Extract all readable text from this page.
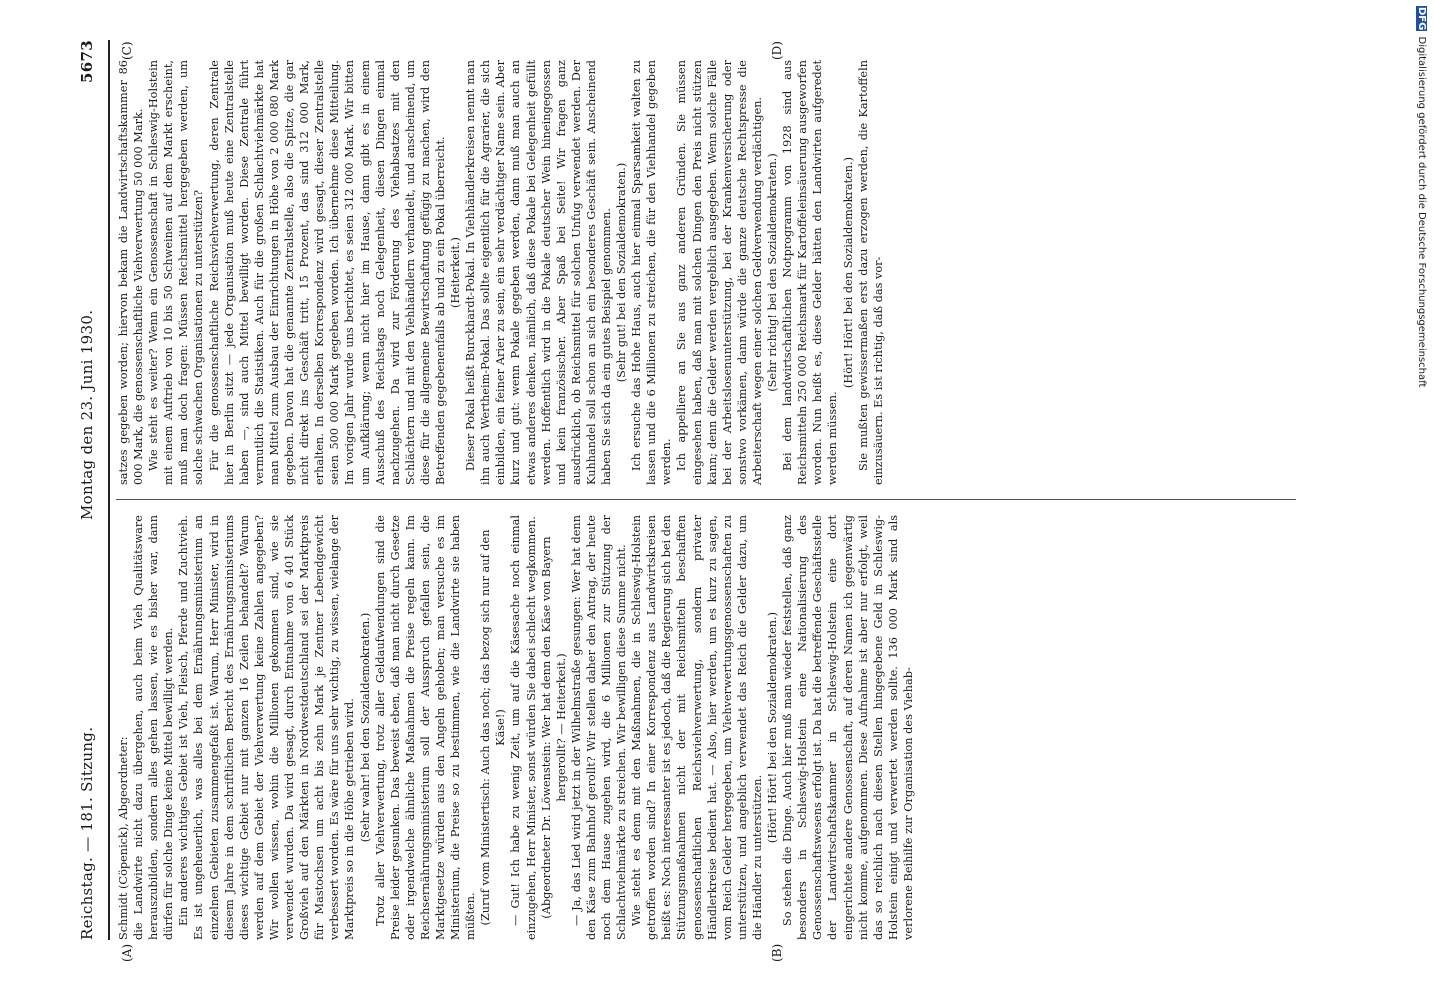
Reichstag. — 181. Sitzung.
Montag den 23. Juni 1930.
5673

Schmidt (Cöpenick), Abgeordneter: die Landwirte nicht dazu übergehen, auch beim Vieh Qualitätsware herauszubilden, sondern alles gehen lassen, wie es bisher war, dann dürfen für solche Dinge keine Mittel bewilligt werden. Ein anderes wichtiges Gebiet ist Vieh, Fleisch, Pferde und Zuchtvieh. Es ist ungeheuerlich, was alles bei dem Ernährungsministerium an einzelnen Gebieten zusammengefaßt ist. Warum, Herr Minister, wird in diesem Jahre in dem schriftlichen Bericht des Ernährungsministeriums dieses wichtige Gebiet nur mit ganzen 16 Zeilen behandelt? Warum werden auf dem Gebiet der Viehverwertung keine Zahlen angegeben? Wir wollen wissen, wohin die Millionen gekommen sind, wie sie verwendet wurden. Da wird gesagt, durch Entnahme von 6 401 Stück Großvieh auf den Märkten in Nordwestdeutschland sei der Marktpreis für Mastochsen um acht bis zehn Mark je Zentner Lebendgewicht verbessert worden. Es wäre für uns sehr wichtig, zu wissen, wielange der Marktpreis so in die Höhe getrieben wird. (Sehr wahr! bei den Sozialdemokraten.) Trotz aller Viehverwertung, trotz aller Geldaufwendungen sind die Preise leider gesunken. Das beweist eben, daß man nicht durch Gesetze oder irgendwelche ähnliche Maßnahmen die Preise regeln kann. Im Reichsernährungsministerium soll der Ausspruch gefallen sein, die Marktgesetze würden aus den Angeln gehoben; man versuche es im Ministerium, die Preise so zu bestimmen, wie die Landwirte sie haben müßten. (Zuruf vom Ministertisch: Auch das noch; das bezog sich nur auf den Käse!) — Gut! Ich habe zu wenig Zeit, um auf die Käsesache noch einmal einzugehen, Herr Minister, sonst würden Sie dabei schlecht wegkommen. (Abgeordneter Dr. Löwenstein: Wer hat denn den Käse von Bayern hergerollt? — Heiterkeit.) — Ja, das Lied wird jetzt in der Wilhelmstraße gesungen: Wer hat denn den Käse zum Bahnhof gerollt? Wir stellen daher den Antrag, der heute noch dem Hause zugehen wird, die 6 Millionen zur Stützung der Schlachtviehmärkte zu streichen. Wir bewilligen diese Summe nicht. Wie steht es denn mit den Maßnahmen, die in Schleswig-Holstein getroffen worden sind? In einer Korrespondenz aus Landwirtskreisen heißt es: Noch interessanter ist es jedoch, daß die Regierung sich bei den Stützungsmaßnahmen nicht der mit Reichsmitteln beschafften genossenschaftlichen Reichsviehverwertung, sondern privater Händlerkreise bedient hat. — Also, hier werden, um es kurz zu sagen, vom Reich Gelder hergegeben, um Viehverwertungsgenossenschaften zu unterstützen, und angeblich verwendet das Reich die Gelder dazu, um die Händler zu unterstützen.

(Hört! Hört! bei den Sozialdemokraten.) So stehen die Dinge. Auch hier muß man wieder feststellen, daß ganz besonders in Schleswig-Holstein eine Nationalisierung des Genossenschaftswesens erfolgt ist. Da hat die betreffende Geschäftsstelle der Landwirtschaftskammer in Schleswig-Holstein eine dort eingerichtete andere Genossenschaft, auf deren Namen ich gegenwärtig nicht komme, aufgenommen. Diese Aufnahme ist aber nur erfolgt, weil das so reichlich nach diesen Stellen hingegebene Geld in Schleswig-Holstein einigt und verwertet werden sollte. 136 000 Mark sind als verlorene Beihilfe zur Organisation des Viehab-

satzes gegeben worden; hiervon bekam die Landwirtschaftskammer 86 000 Mark, die genossenschaftliche Viehverwertung 50 000 Mark. Wie steht es weiter? Wenn ein Genossenschaft in Schleswig-Holstein mit einem Auftrieb von 10 bis 50 Schweinen auf dem Markt erscheint, muß man doch fragen: Müssen Reichsmittel hergegeben werden, um solche schwachen Organisationen zu unterstützen? Für die genossenschaftliche Reichsviehverwertung, deren Zentrale hier in Berlin sitzt — jede Organisation muß heute eine Zentralstelle haben —, sind auch Mittel bewilligt worden. Diese Zentrale führt vermutlich die Statistiken. Auch für die großen Schlachtviehmärkte hat man Mittel zum Ausbau der Einrichtungen in Höhe von 2 000 080 Mark gegeben. Davon hat die genannte Zentralstelle, also die Spitze, die gar nicht direkt ins Geschäft tritt, 15 Prozent, das sind 312 000 Mark, erhalten. In derselben Korrespondenz wird gesagt, dieser Zentralstelle seien 500 000 Mark gegeben worden. Ich übernehme diese Mitteilung. Im vorigen Jahr wurde uns berichtet, es seien 312 000 Mark. Wir bitten um Aufklärung; wenn nicht hier im Hause, dann gibt es in einem Ausschuß des Reichstags noch Gelegenheit, diesen Dingen einmal nachzugehen. Da wird zur Förderung des Viehabsatzes mit den Schlächtern und mit den Viehhändlern verhandelt, und anscheinend, um diese für die allgemeine Bewirtschaftung gefügig zu machen, wird den Betreffenden gegebenenfalls ab und zu ein Pokal überreicht. (Heiterkeit.) Dieser Pokal heißt Burckhardt-Pokal. In Viehhändlerkreisen nennt man ihn auch Wertheim-Pokal. Das sollte eigentlich für die Agrarier, die sich einbilden, ein feiner Arier zu sein, ein sehr verdächtiger Name sein. Aber kurz und gut: wenn Pokale gegeben werden, dann muß man auch an etwas anderes denken, nämlich, daß diese Pokale bei Gelegenheit gefüllt werden. Hoffentlich wird in die Pokale deutscher Wein hineingegossen und kein französischer. Aber Spaß bei Seite! Wir fragen ganz ausdrücklich, ob Reichsmittel für solchen Unfug verwendet werden. Der Kuhhandel soll schon an sich ein besonderes Geschäft sein. Anscheinend haben Sie sich da ein gutes Beispiel genommen. (Sehr gut! bei den Sozialdemokraten.) Ich ersuche das Hohe Haus, auch hier einmal Sparsamkeit walten zu lassen und die 6 Millionen zu streichen, die für den Viehhandel gegeben werden. Ich appelliere an Sie aus ganz anderen Gründen. Sie müssen eingesehen haben, daß man mit solchen Dingen den Preis nicht stützen kann; denn die Gelder werden vergeblich ausgegeben. Wenn solche Fälle bei der Arbeitslosenunterstützung, bei der Krankenversicherung oder sonstwo vorkämen, dann würde die ganze deutsche Rechtspresse die Arbeiterschaft wegen einer solchen Geldverwendung verdächtigen. (Sehr richtig! bei den Sozialdemokraten.) Bei dem landwirtschaftlichen Notprogramm von 1928 sind aus Reichsmitteln 250 000 Reichsmark für Kartoffeleinsäuerung ausgeworfen worden. Nun heißt es, diese Gelder hätten den Landwirten aufgeredet werden müssen.

(Hört! Hört! bei den Sozialdemokraten.) Sie mußten gewissermaßen erst dazu erzogen werden, die Kartoffeln einzusäuern. Es ist richtig, daß das vor-

(A)	(B)
(C)	(D)
DFG Digitalisierung gefördert durch die Deutsche Forschungsgemeinschaft
